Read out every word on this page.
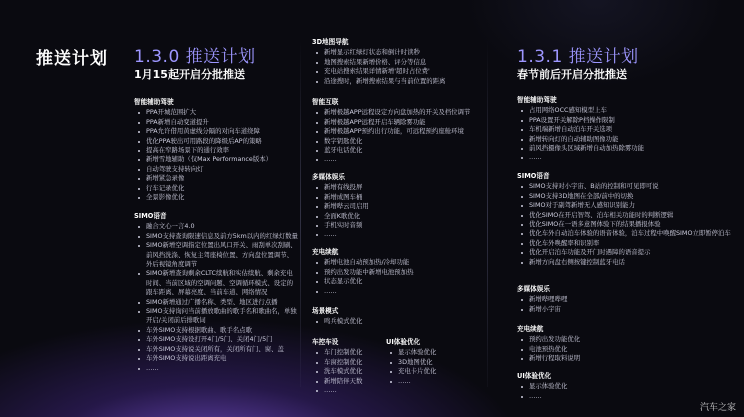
推送计划 1.3.0 推送计划
1月15起开启分批推送
智能辅助驾驶
PPA开城范围扩大
PPA新增自动变道提升
PPA允许借用黄虚线分隔的对向车道绕障
优化PPA驶出可用路段的降级后AP的策略
提高在窄路场景下的通行效率
新增雪地辅助（仅Max Performance版本）
自动驾驶支持转向灯
新增紧急录像
行车记录优化
全景影像优化
SIMO语音
融合文心一言4.0
SIMO支持查询限速信息及前方5km以内的红绿灯数量
SIMO新增空调指定位置出风口开关、雨刮单次刮刷、前风挡洗涤、恢复主驾座椅位置、方向盘位置调节、外后视镜角度调节
SIMO新增查询剩余CLTC续航和实估续航、剩余充电时间、当前区域的空调问题、空调循环模式、设定的跟车距离、屏幕亮度、当前车道、网络情况
SIMO新增通过广播名称、类型、地区进行点播
SIMO支持询问当前播放歌曲的歌手名和歌曲名，单独开启/关闭前后排歌词
车外SIMO支持根据歌曲、歌手名点歌
车外SIMO支持设打开4门/5门、关闭4门/5门
车外SIMO支持说关闭所有，关闭所有门、窗、盖
车外SIMO支持说出距离充电
……
3D地图导航
新增显示红绿灯状态和倒计时读秒
地图搜索结果新增价格、评分等信息
充电站搜索结果详情新增'超时占位费'
沿途搜时，新增搜索结果与当前位置的距离
智能互联
新增极越APP远程设定方向盘加热的开关及档位调节
新增极越APP远程开启车辆除雾功能
新增极越APP预约出行功能，可远程预约座舱环境
数字钥匙优化
蓝牙电话优化
……
多媒体娱乐
新增有线投屏
新增成图车桶
新增哔云司启用
全面K歌优化
手机实时音频
……
充电续航
新增电池自动预加热/冷却功能
预约出发功能中新增电池预加热
状态显示优化
……
场景模式
鸣兵模式优化
车控车设
车门控制优化
车窗控制优化
洗车模式优化
新增陪伴天数
……
UI体验优化
显示体验优化
3D地图优化
充电卡片优化
……
1.3.1 推送计划
春节前后开启分批推送
智能辅助驾驶
占用网络OCC感知模型上车
PPA设置开关解除P档操作限制
车机端新增自动泊车开关选项
新增转向灯的自动辅助图像功能
前风挡摄像头区域新增自动加热除雾功能
……
SIMO语音
SIMO支持对小宇宙、B站的控制和可见即可说
SIMO支持3D地图在全部/前中的切换
SIMO对于副驾新增无人感知识别能力
优化SIMO在开启智驾、泊车相关功能时的判断逻辑
优化SIMO在一语多意图体验下的结果播报体验
优化车外自动泊车体验的语音体验，泊车过程中唤醒SIMO立即暂停泊车
优化车外唤醒率和识别率
优化开启泊车功能及开门时遇障的语音提示
新增方向盘右侧按键控制蓝牙电话
多媒体娱乐
新增哔哩哔哩
新增小宇宙
充电续航
预约出发功能优化
电池预热优化
新增行程取料说明
UI体验优化
显示体验优化
……
汽车之家
